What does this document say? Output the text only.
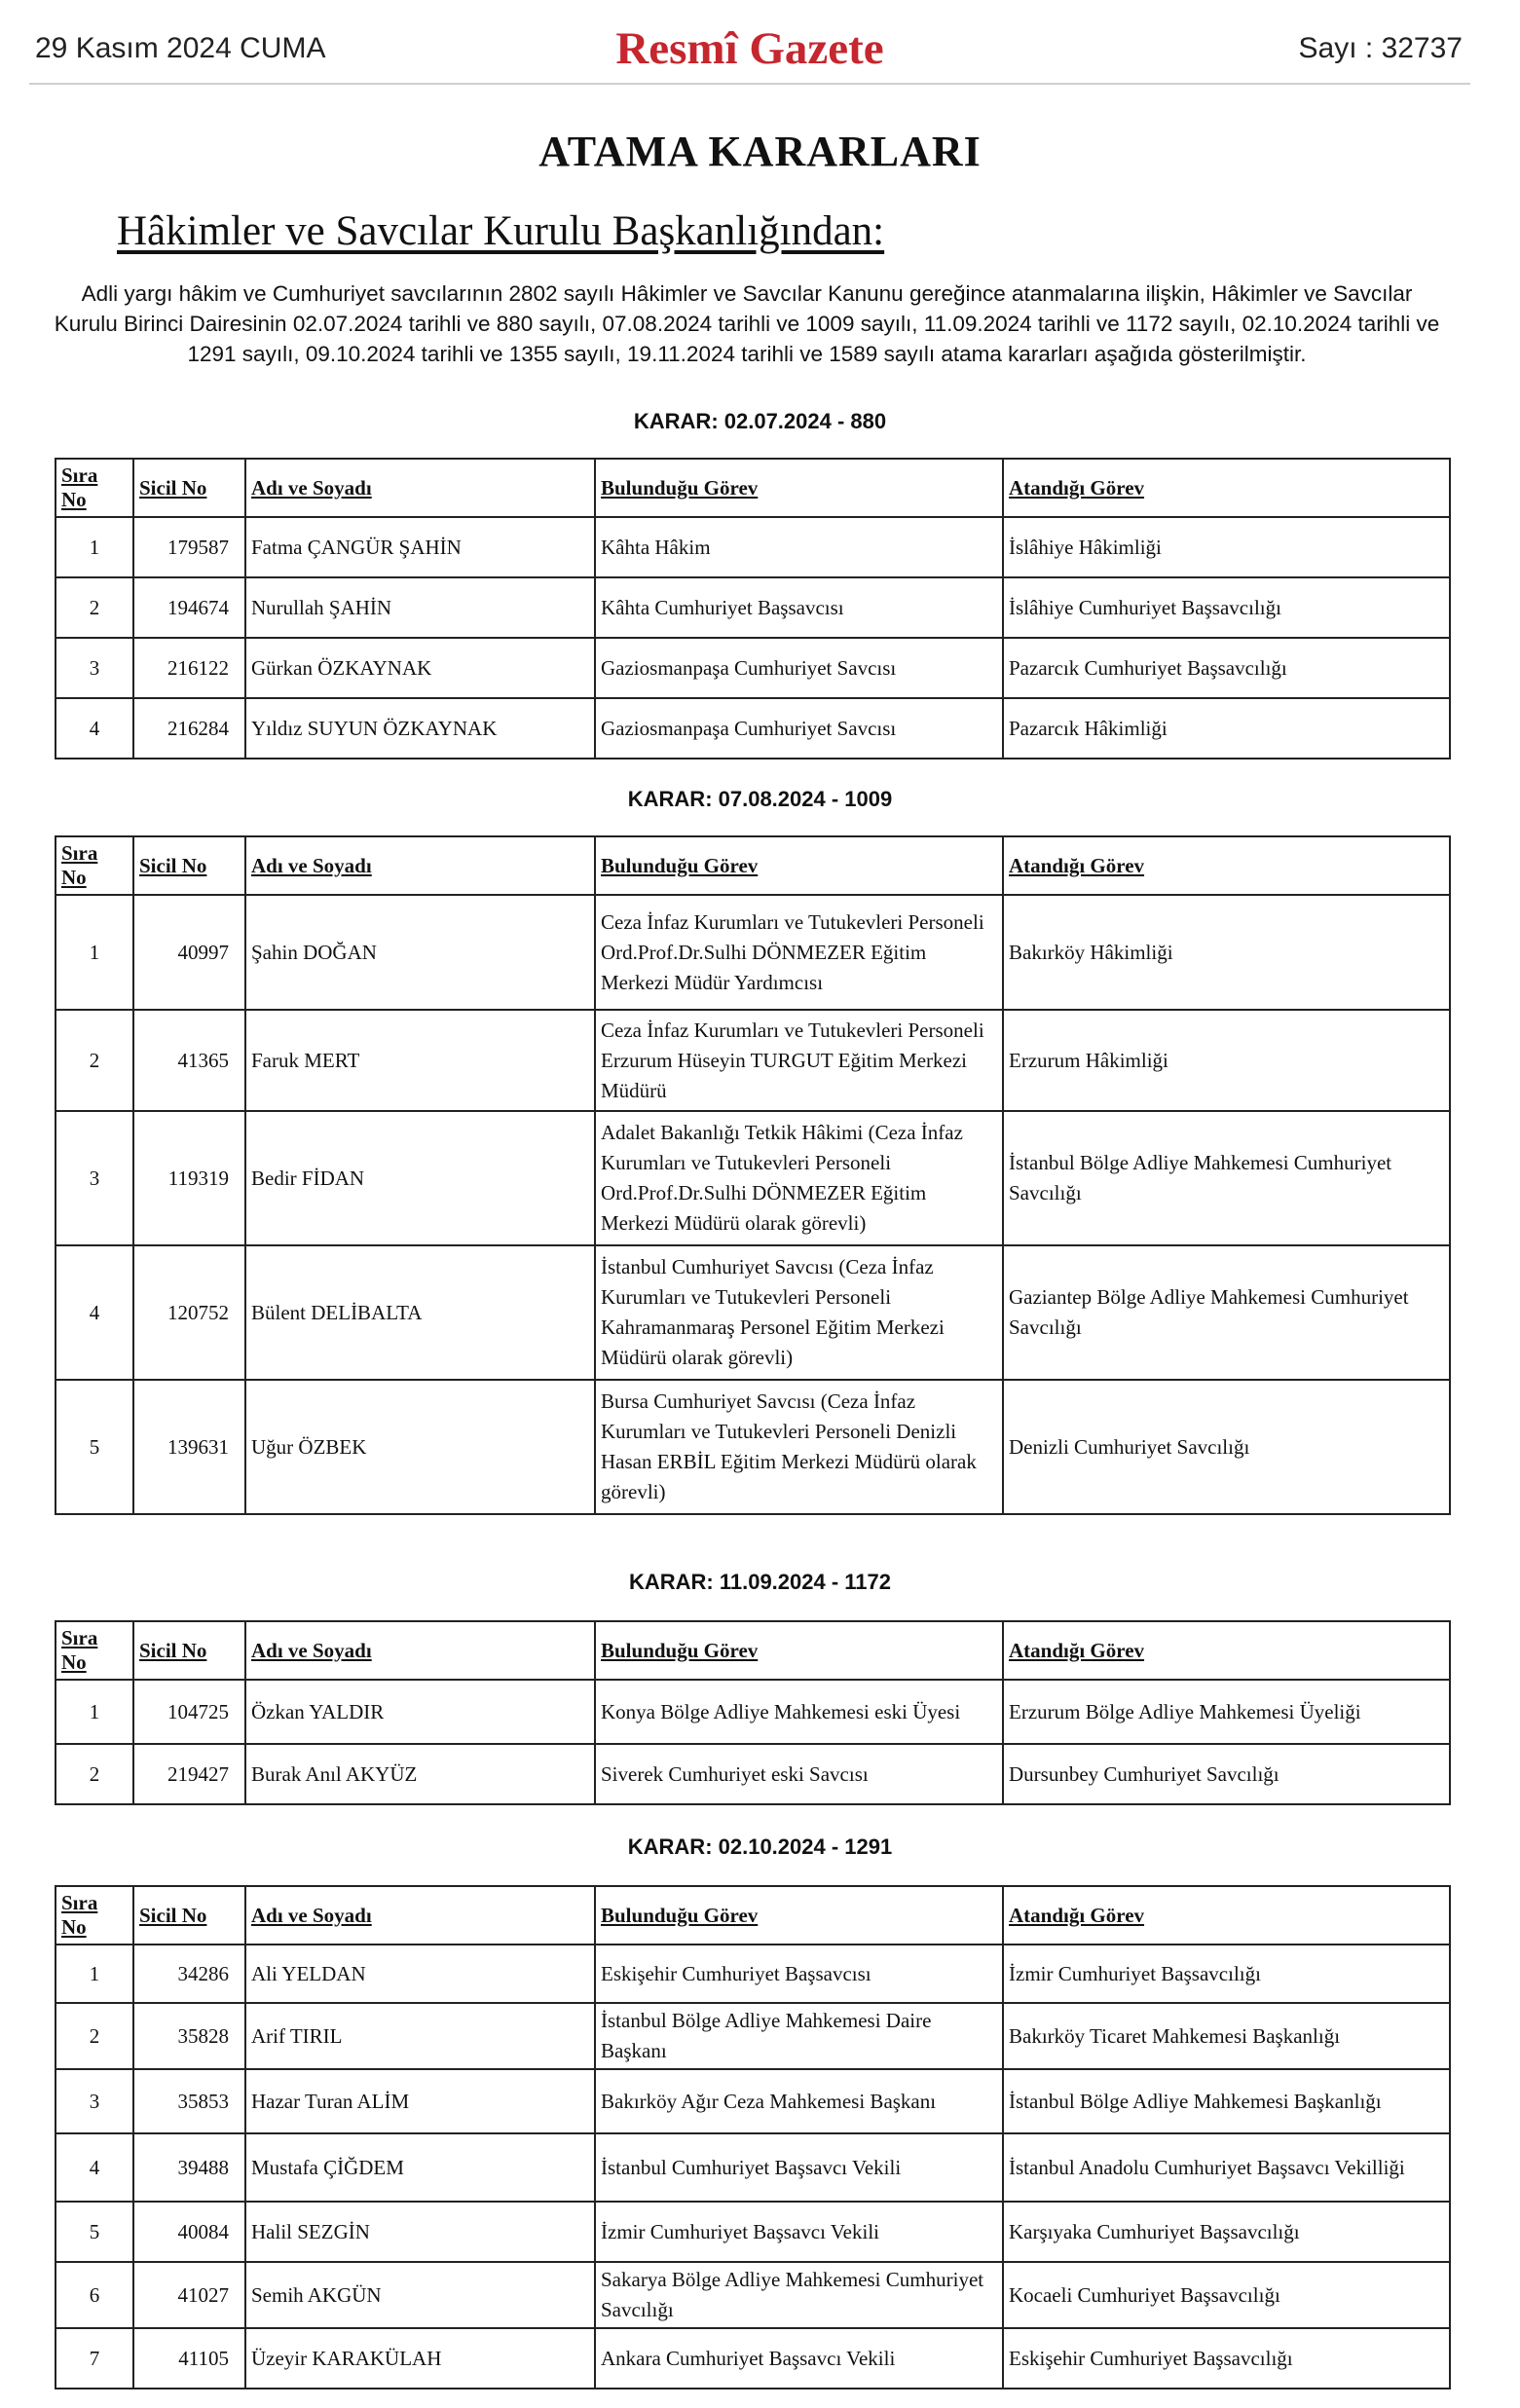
29 Kasım 2024 CUMA	Resmî Gazete	Sayı : 32737
ATAMA KARARLARI
Hâkimler ve Savcılar Kurulu Başkanlığından:
Adli yargı hâkim ve Cumhuriyet savcılarının 2802 sayılı Hâkimler ve Savcılar Kanunu gereğince atanmalarına ilişkin, Hâkimler ve Savcılar Kurulu Birinci Dairesinin 02.07.2024 tarihli ve 880 sayılı, 07.08.2024 tarihli ve 1009 sayılı, 11.09.2024 tarihli ve 1172 sayılı, 02.10.2024 tarihli ve 1291 sayılı, 09.10.2024 tarihli ve 1355 sayılı, 19.11.2024 tarihli ve 1589 sayılı atama kararları aşağıda gösterilmiştir.
KARAR: 02.07.2024 - 880
Sıra No	Sicil No	Adı ve Soyadı	Bulunduğu Görev	Atandığı Görev
1	179587	Fatma ÇANGÜR ŞAHİN	Kâhta Hâkim	İslâhiye Hâkimliği
2	194674	Nurullah ŞAHİN	Kâhta Cumhuriyet Başsavcısı	İslâhiye Cumhuriyet Başsavcılığı
3	216122	Gürkan ÖZKAYNAK	Gaziosmanpaşa Cumhuriyet Savcısı	Pazarcık Cumhuriyet Başsavcılığı
4	216284	Yıldız SUYUN ÖZKAYNAK	Gaziosmanpaşa Cumhuriyet Savcısı	Pazarcık Hâkimliği
KARAR: 07.08.2024 - 1009
Sıra No	Sicil No	Adı ve Soyadı	Bulunduğu Görev	Atandığı Görev
1	40997	Şahin DOĞAN	Ceza İnfaz Kurumları ve Tutukevleri Personeli Ord.Prof.Dr.Sulhi DÖNMEZER Eğitim Merkezi Müdür Yardımcısı	Bakırköy Hâkimliği
2	41365	Faruk MERT	Ceza İnfaz Kurumları ve Tutukevleri Personeli Erzurum Hüseyin TURGUT Eğitim Merkezi Müdürü	Erzurum Hâkimliği
3	119319	Bedir FİDAN	Adalet Bakanlığı Tetkik Hâkimi (Ceza İnfaz Kurumları ve Tutukevleri Personeli Ord.Prof.Dr.Sulhi DÖNMEZER Eğitim Merkezi Müdürü olarak görevli)	İstanbul Bölge Adliye Mahkemesi Cumhuriyet Savcılığı
4	120752	Bülent DELİBALTA	İstanbul Cumhuriyet Savcısı (Ceza İnfaz Kurumları ve Tutukevleri Personeli Kahramanmaraş Personel Eğitim Merkezi Müdürü olarak görevli)	Gaziantep Bölge Adliye Mahkemesi Cumhuriyet Savcılığı
5	139631	Uğur ÖZBEK	Bursa Cumhuriyet Savcısı (Ceza İnfaz Kurumları ve Tutukevleri Personeli Denizli Hasan ERBİL Eğitim Merkezi Müdürü olarak görevli)	Denizli Cumhuriyet Savcılığı
KARAR: 11.09.2024 - 1172
Sıra No	Sicil No	Adı ve Soyadı	Bulunduğu Görev	Atandığı Görev
1	104725	Özkan YALDIR	Konya Bölge Adliye Mahkemesi eski Üyesi	Erzurum Bölge Adliye Mahkemesi Üyeliği
2	219427	Burak Anıl AKYÜZ	Siverek Cumhuriyet eski Savcısı	Dursunbey Cumhuriyet Savcılığı
KARAR: 02.10.2024 - 1291
Sıra No	Sicil No	Adı ve Soyadı	Bulunduğu Görev	Atandığı Görev
1	34286	Ali YELDAN	Eskişehir Cumhuriyet Başsavcısı	İzmir Cumhuriyet Başsavcılığı
2	35828	Arif TIRIL	İstanbul Bölge Adliye Mahkemesi Daire Başkanı	Bakırköy Ticaret Mahkemesi Başkanlığı
3	35853	Hazar Turan ALİM	Bakırköy Ağır Ceza Mahkemesi Başkanı	İstanbul Bölge Adliye Mahkemesi Başkanlığı
4	39488	Mustafa ÇİĞDEM	İstanbul Cumhuriyet Başsavcı Vekili	İstanbul Anadolu Cumhuriyet Başsavcı Vekilliği
5	40084	Halil SEZGİN	İzmir Cumhuriyet Başsavcı Vekili	Karşıyaka Cumhuriyet Başsavcılığı
6	41027	Semih AKGÜN	Sakarya Bölge Adliye Mahkemesi Cumhuriyet Savcılığı	Kocaeli Cumhuriyet Başsavcılığı
7	41105	Üzeyir KARAKÜLAH	Ankara Cumhuriyet Başsavcı Vekili	Eskişehir Cumhuriyet Başsavcılığı
